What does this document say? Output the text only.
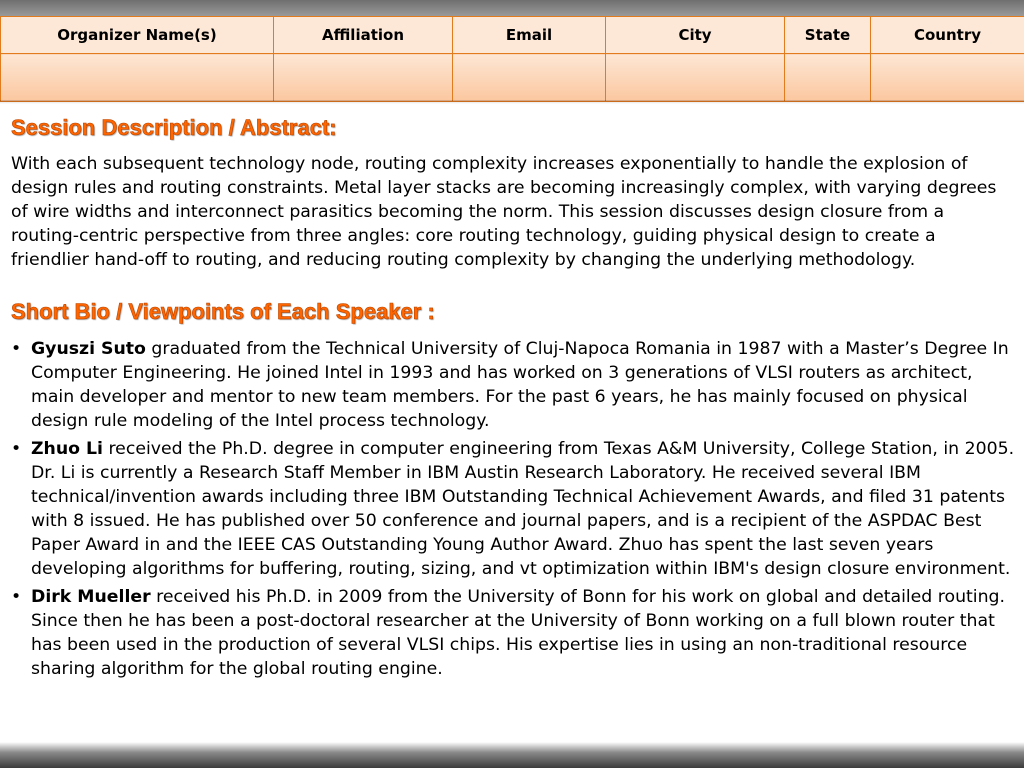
Organizer Name(s)	Affiliation	Email	City	State	Country

Session Description / Abstract:

With each subsequent technology node, routing complexity increases exponentially to handle the explosion of design rules and routing constraints. Metal layer stacks are becoming increasingly complex, with varying degrees of wire widths and interconnect parasitics becoming the norm. This session discusses design closure from a routing-centric perspective from three angles: core routing technology, guiding physical design to create a friendlier hand-off to routing, and reducing routing complexity by changing the underlying methodology.

Short Bio / Viewpoints of Each Speaker :
• Gyuszi Suto graduated from the Technical University of Cluj-Napoca Romania in 1987 with a Master’s Degree In Computer Engineering. He joined Intel in 1993 and has worked on 3 generations of VLSI routers as architect, main developer and mentor to new team members. For the past 6 years, he has mainly focused on physical design rule modeling of the Intel process technology.
• Zhuo Li received the Ph.D. degree in computer engineering from Texas A&M University, College Station, in 2005. Dr. Li is currently a Research Staff Member in IBM Austin Research Laboratory. He received several IBM technical/invention awards including three IBM Outstanding Technical Achievement Awards, and filed 31 patents with 8 issued. He has published over 50 conference and journal papers, and is a recipient of the ASPDAC Best Paper Award in and the IEEE CAS Outstanding Young Author Award. Zhuo has spent the last seven years developing algorithms for buffering, routing, sizing, and vt optimization within IBM's design closure environment.
• Dirk Mueller received his Ph.D. in 2009 from the University of Bonn for his work on global and detailed routing. Since then he has been a post-doctoral researcher at the University of Bonn working on a full blown router that has been used in the production of several VLSI chips. His expertise lies in using an non-traditional resource sharing algorithm for the global routing engine.
